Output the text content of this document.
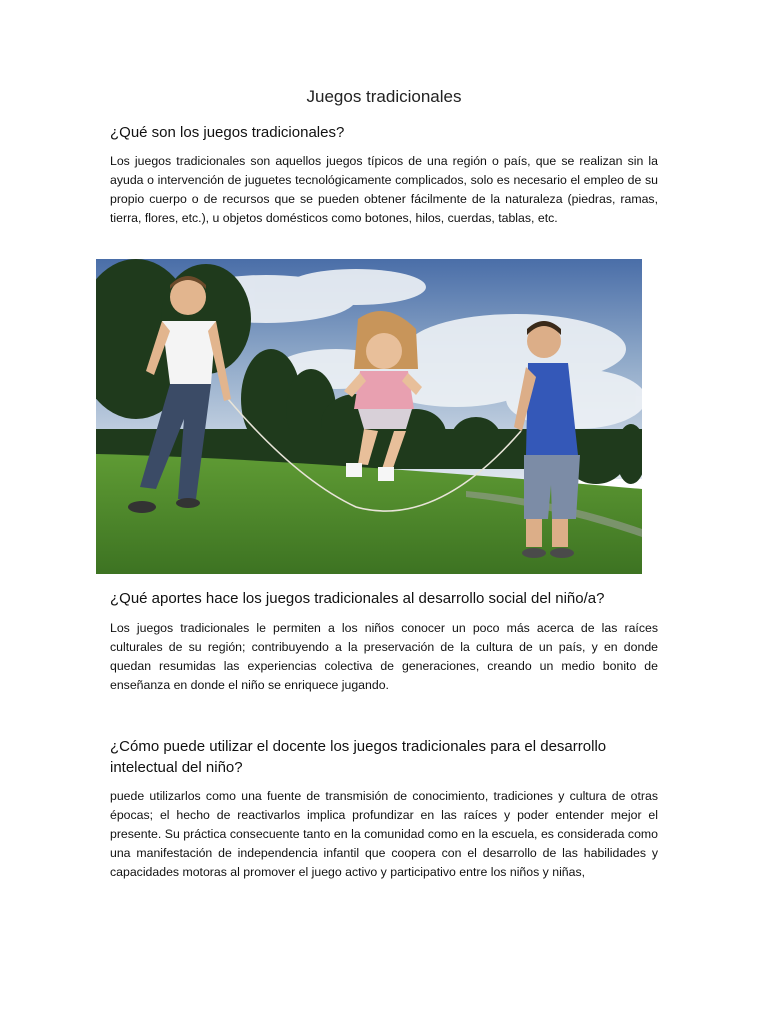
Juegos tradicionales
¿Qué son los juegos tradicionales?
Los juegos tradicionales son aquellos juegos típicos de una región o país, que se realizan sin la ayuda o intervención de juguetes tecnológicamente complicados, solo es necesario el empleo de su propio cuerpo o de recursos que se pueden obtener fácilmente de la naturaleza (piedras, ramas, tierra, flores, etc.), u objetos domésticos como botones, hilos, cuerdas, tablas, etc.
¿Qué aportes hace los juegos tradicionales al desarrollo social del niño/a?
Los juegos tradicionales le permiten a los niños conocer un poco más acerca de las raíces culturales de su región; contribuyendo a la preservación de la cultura de un país, y en donde quedan resumidas las experiencias colectiva de generaciones, creando un medio bonito de enseñanza en donde el niño se enriquece jugando.
¿Cómo puede utilizar el docente los juegos tradicionales para el desarrollo intelectual del niño?
puede utilizarlos como una fuente de transmisión de conocimiento, tradiciones y cultura de otras épocas; el hecho de reactivarlos implica profundizar en las raíces y poder entender mejor el presente. Su práctica consecuente tanto en la comunidad como en la escuela, es considerada como una manifestación de independencia infantil que coopera con el desarrollo de las habilidades y capacidades motoras al promover el juego activo y participativo entre los niños y niñas,
